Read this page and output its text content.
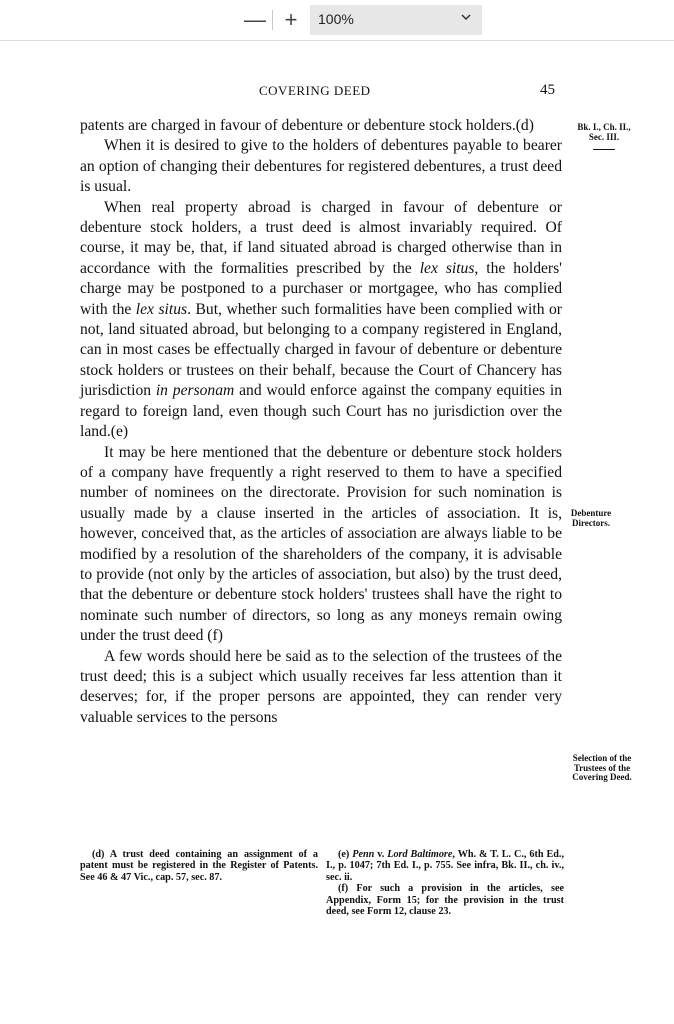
— +	100%
COVERING DEED	45

patents are charged in favour of debenture or debenture stock holders.(d)

When it is desired to give to the holders of debentures payable to bearer an option of changing their debentures for registered debentures, a trust deed is usual.

When real property abroad is charged in favour of debenture or debenture stock holders, a trust deed is almost invariably required. Of course, it may be, that, if land situated abroad is charged otherwise than in accordance with the formalities prescribed by the lex situs, the holders' charge may be postponed to a purchaser or mortgagee, who has complied with the lex situs. But, whether such formalities have been complied with or not, land situated abroad, but belonging to a company registered in England, can in most cases be effectually charged in favour of debenture or debenture stock holders or trustees on their behalf, because the Court of Chancery has jurisdiction in personam and would enforce against the company equities in regard to foreign land, even though such Court has no jurisdiction over the land.(e)

It may be here mentioned that the debenture or debenture stock holders of a company have frequently a right reserved to them to have a specified number of nominees on the directorate. Provision for such nomination is usually made by a clause inserted in the articles of association. It is, however, conceived that, as the articles of association are always liable to be modified by a resolution of the shareholders of the company, it is advisable to provide (not only by the articles of association, but also) by the trust deed, that the debenture or debenture stock holders' trustees shall have the right to nominate such number of directors, so long as any moneys remain owing under the trust deed (f)

A few words should here be said as to the selection of the trustees of the trust deed; this is a subject which usually receives far less attention than it deserves; for, if the proper persons are appointed, they can render very valuable services to the persons

Bk. I., Ch. II.,
Sec. III.
Debenture
Directors.
Selection of the
Trustees of the
Covering Deed.

(d) A trust deed containing an assignment of a patent must be registered in the Register of Patents. See 46 & 47 Vic., cap. 57, sec. 87.

(e) Penn v. Lord Baltimore, Wh. & T. L. C., 6th Ed., I., p. 1047; 7th Ed. I., p. 755. See infra, Bk. II., ch. iv., sec. ii.

(f) For such a provision in the articles, see Appendix, Form 15; for the provision in the trust deed, see Form 12, clause 23.
